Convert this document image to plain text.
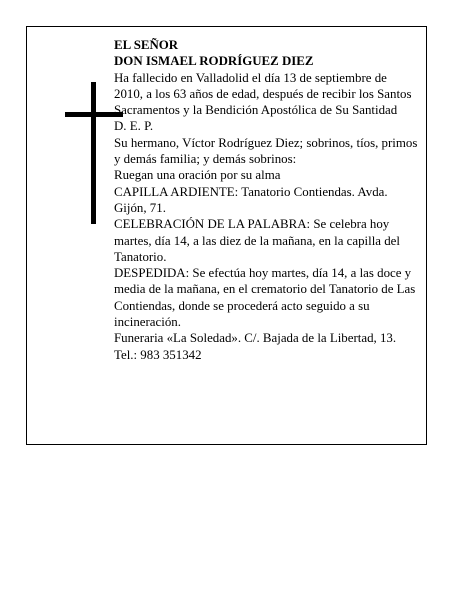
EL SEÑOR

DON ISMAEL RODRÍGUEZ DIEZ

Ha fallecido en Valladolid el día 13 de septiembre de 2010, a los 63 años de edad, después de recibir los Santos Sacramentos y la Bendición Apostólica de Su Santidad

D. E. P.

Su hermano, Víctor Rodríguez Diez; sobrinos, tíos, primos y demás familia; y demás sobrinos:

Ruegan una oración por su alma

CAPILLA ARDIENTE: Tanatorio Contiendas. Avda. Gijón, 71.

CELEBRACIÓN DE LA PALABRA: Se celebra hoy martes, día 14, a las diez de la mañana, en la capilla del Tanatorio.

DESPEDIDA: Se efectúa hoy martes, día 14, a las doce y media de la mañana, en el crematorio del Tanatorio de Las Contiendas, donde se procederá acto seguido a su incineración.

Funeraria «La Soledad». C/. Bajada de la Libertad, 13. Tel.: 983 351342
